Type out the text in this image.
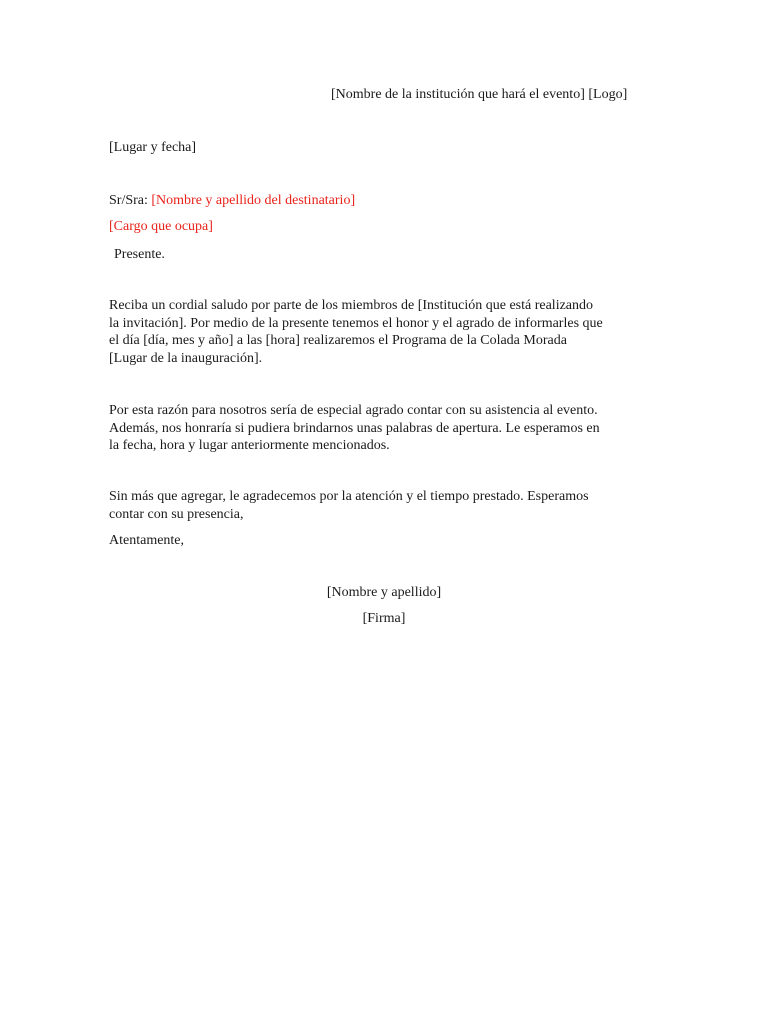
[Nombre de la institución que hará el evento] [Logo]
[Lugar y fecha]
Sr/Sra: [Nombre y apellido del destinatario]
[Cargo que ocupa]
Presente.
Reciba un cordial saludo por parte de los miembros de [Institución que está realizando
la invitación]. Por medio de la presente tenemos el honor y el agrado de informarles que
el día [día, mes y año] a las [hora] realizaremos el Programa de la Colada Morada
[Lugar de la inauguración].
Por esta razón para nosotros sería de especial agrado contar con su asistencia al evento.
Además, nos honraría si pudiera brindarnos unas palabras de apertura. Le esperamos en
la fecha, hora y lugar anteriormente mencionados.
Sin más que agregar, le agradecemos por la atención y el tiempo prestado. Esperamos
contar con su presencia,
Atentamente,
[Nombre y apellido]
[Firma]
